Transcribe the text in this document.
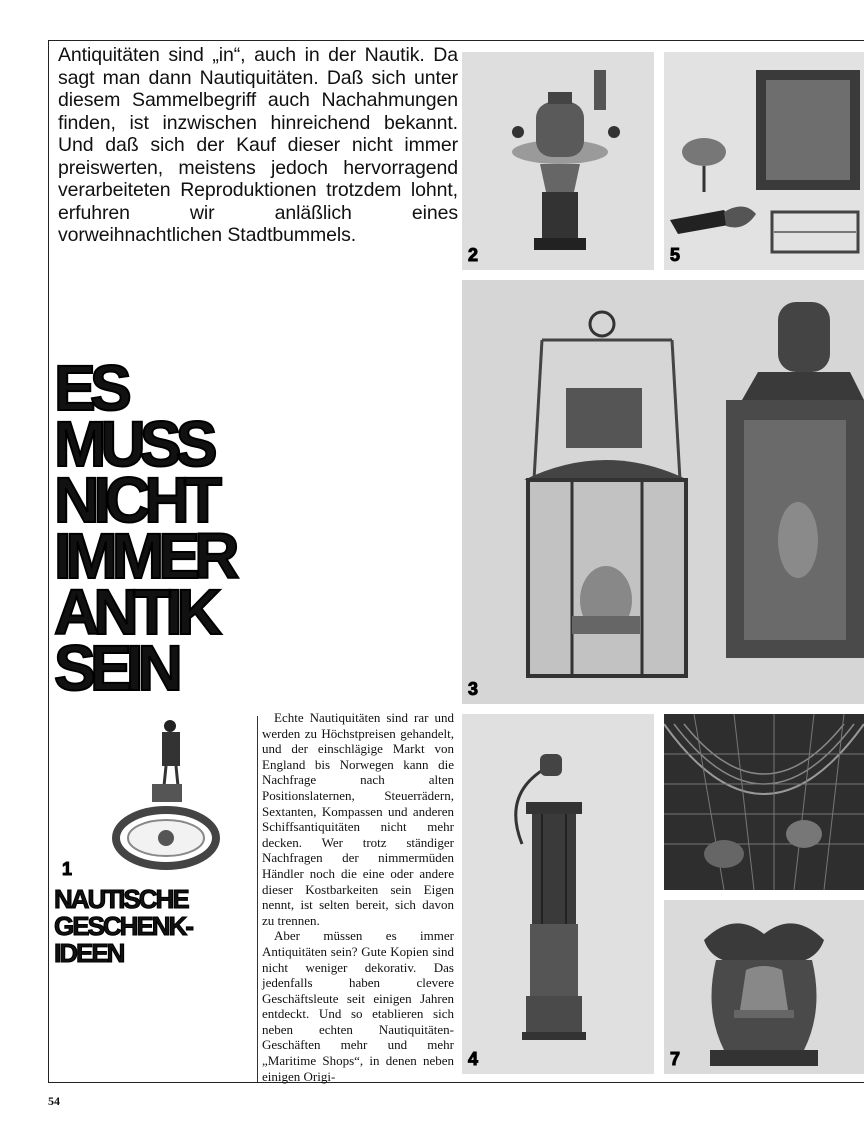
Antiquitäten sind „in“, auch in der Nautik. Da sagt man dann Nautiquitäten. Daß sich unter diesem Sammelbegriff auch Nachahmungen finden, ist inzwischen hinreichend bekannt. Und daß sich der Kauf dieser nicht immer preiswerten, meistens jedoch hervorragend verarbeiteten Reproduktionen trotzdem lohnt, erfuhren wir anläßlich eines vorweihnachtlichen Stadtbummels.

2	5
3
1
4	7
ES
MUSS
NICHT
IMMER
ANTIK
SEIN
NAUTISCHE
GESCHENK-
IDEEN

Echte Nautiquitäten sind rar und werden zu Höchstpreisen gehandelt, und der einschlägige Markt von England bis Norwegen kann die Nachfrage nach alten Positionslaternen, Steuerrädern, Sextanten, Kompassen und anderen Schiffsantiquitäten nicht mehr decken. Wer trotz ständiger Nachfragen der nimmermüden Händler noch die eine oder andere dieser Kostbarkeiten sein Eigen nennt, ist selten bereit, sich davon zu trennen.

Aber müssen es immer Antiquitäten sein? Gute Kopien sind nicht weniger dekorativ. Das jedenfalls haben clevere Geschäftsleute seit einigen Jahren entdeckt. Und so etablieren sich neben echten Nautiquitäten-Geschäften mehr und mehr „Maritime Shops“, in denen neben einigen Origi-

54
